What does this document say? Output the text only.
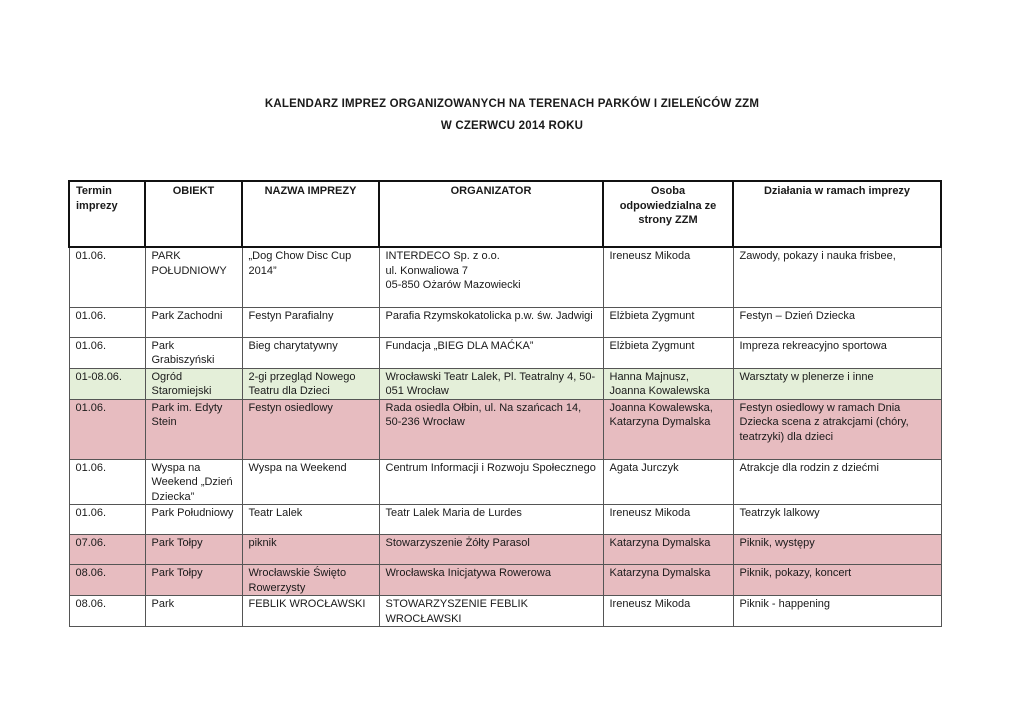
KALENDARZ IMPREZ ORGANIZOWANYCH NA TERENACH PARKÓW I ZIELEŃCÓW ZZM
W CZERWCU 2014 ROKU
Termin imprezy	OBIEKT	NAZWA IMPREZY	ORGANIZATOR	Osoba odpowiedzialna ze strony ZZM	Działania w ramach imprezy
01.06.	PARK POŁUDNIOWY	„Dog Chow Disc Cup 2014”	INTERDECO Sp. z o.o.
ul. Konwaliowa 7
05-850 Ożarów Mazowiecki	Ireneusz Mikoda	Zawody, pokazy i nauka frisbee,
01.06.	Park Zachodni	Festyn Parafialny	Parafia Rzymskokatolicka p.w. św. Jadwigi	Elżbieta Zygmunt	Festyn – Dzień Dziecka
01.06.	Park Grabiszyński	Bieg charytatywny	Fundacja „BIEG DLA MAĆKA”	Elżbieta Zygmunt	Impreza rekreacyjno sportowa
01-08.06.	Ogród Staromiejski	2-gi przegląd Nowego Teatru dla Dzieci	Wrocławski Teatr Lalek, Pl. Teatralny 4, 50-051 Wrocław	Hanna Majnusz, Joanna Kowalewska	Warsztaty w plenerze i inne
01.06.	Park im. Edyty Stein	Festyn osiedlowy	Rada osiedla Ołbin, ul. Na szańcach 14, 50-236 Wrocław	Joanna Kowalewska, Katarzyna Dymalska	Festyn osiedlowy w ramach Dnia Dziecka scena z atrakcjami (chóry, teatrzyki) dla dzieci
01.06.	Wyspa na Weekend „Dzień Dziecka”	Wyspa na Weekend	Centrum Informacji i Rozwoju Społecznego	Agata Jurczyk	Atrakcje dla rodzin z dziećmi
01.06.	Park Południowy	Teatr Lalek	Teatr Lalek Maria de Lurdes	Ireneusz Mikoda	Teatrzyk lalkowy
07.06.	Park Tołpy	piknik	Stowarzyszenie Żółty Parasol	Katarzyna Dymalska	Piknik, występy
08.06.	Park Tołpy	Wrocławskie Święto Rowerzysty	Wrocławska Inicjatywa Rowerowa	Katarzyna Dymalska	Piknik, pokazy, koncert
08.06.	Park	FEBLIK WROCŁAWSKI	STOWARZYSZENIE FEBLIK WROCŁAWSKI	Ireneusz Mikoda	Piknik - happening
